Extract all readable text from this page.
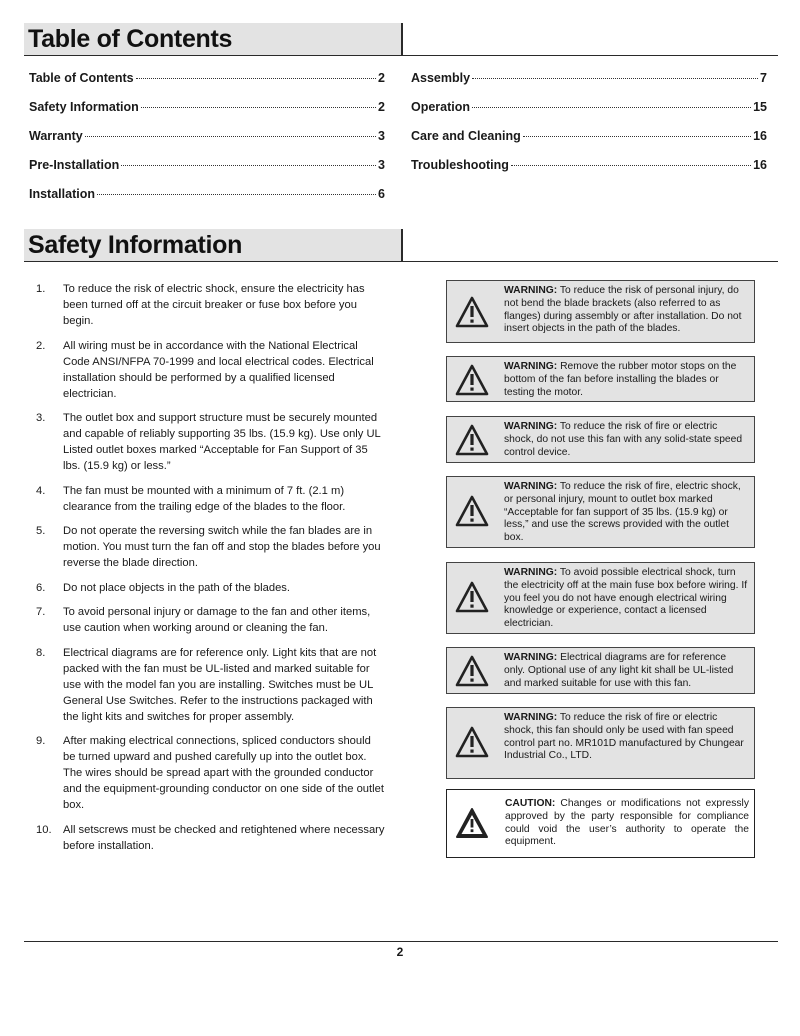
Table of Contents
Table of Contents	2
Safety Information	2
Warranty	3
Pre-Installation	3
Installation	6
Assembly	7
Operation	15
Care and Cleaning	16
Troubleshooting	16
Safety Information
1.	To reduce the risk of electric shock, ensure the electricity has been turned off at the circuit breaker or fuse box before you begin.
2.	All wiring must be in accordance with the National Electrical Code ANSI/NFPA 70-1999 and local electrical codes. Electrical installation should be performed by a qualified licensed electrician.
3.	The outlet box and support structure must be securely mounted and capable of reliably supporting 35 lbs. (15.9 kg). Use only UL Listed outlet boxes marked “Acceptable for Fan Support of 35 lbs. (15.9 kg) or less.”
4.	The fan must be mounted with a minimum of 7 ft. (2.1 m) clearance from the trailing edge of the blades to the floor.
5.	Do not operate the reversing switch while the fan blades are in motion. You must turn the fan off and stop the blades before you reverse the blade direction.
6.	Do not place objects in the path of the blades.
7.	To avoid personal injury or damage to the fan and other items, use caution when working around or cleaning the fan.
8.	Electrical diagrams are for reference only. Light kits that are not packed with the fan must be UL-listed and marked suitable for use with the model fan you are installing. Switches must be UL General Use Switches. Refer to the instructions packaged with the light kits and switches for proper assembly.
9.	After making electrical connections, spliced conductors should be turned upward and pushed carefully up into the outlet box. The wires should be spread apart with the grounded conductor and the equipment-grounding conductor on one side of the outlet box.
10.	All setscrews must be checked and retightened where necessary before installation.
WARNING: To reduce the risk of personal injury, do not bend the blade brackets (also referred to as flanges) during assembly or after installation. Do not insert objects in the path of the blades.
WARNING: Remove the rubber motor stops on the bottom of the fan before installing the blades or testing the motor.
WARNING: To reduce the risk of fire or electric shock, do not use this fan with any solid-state speed control device.
WARNING: To reduce the risk of fire, electric shock, or personal injury, mount to outlet box marked “Acceptable for fan support of 35 lbs. (15.9 kg) or less,” and use the screws provided with the outlet box.
WARNING: To avoid possible electrical shock, turn the electricity off at the main fuse box before wiring. If you feel you do not have enough electrical wiring knowledge or experience, contact a licensed electrician.
WARNING: Electrical diagrams are for reference only. Optional use of any light kit shall be UL-listed and marked suitable for use with this fan.
WARNING: To reduce the risk of fire or electric shock, this fan should only be used with fan speed control part no. MR101D manufactured by Chungear Industrial Co., LTD.
CAUTION: Changes or modifications not expressly approved by the party responsible for compliance could void the user’s authority to operate the equipment.
2
